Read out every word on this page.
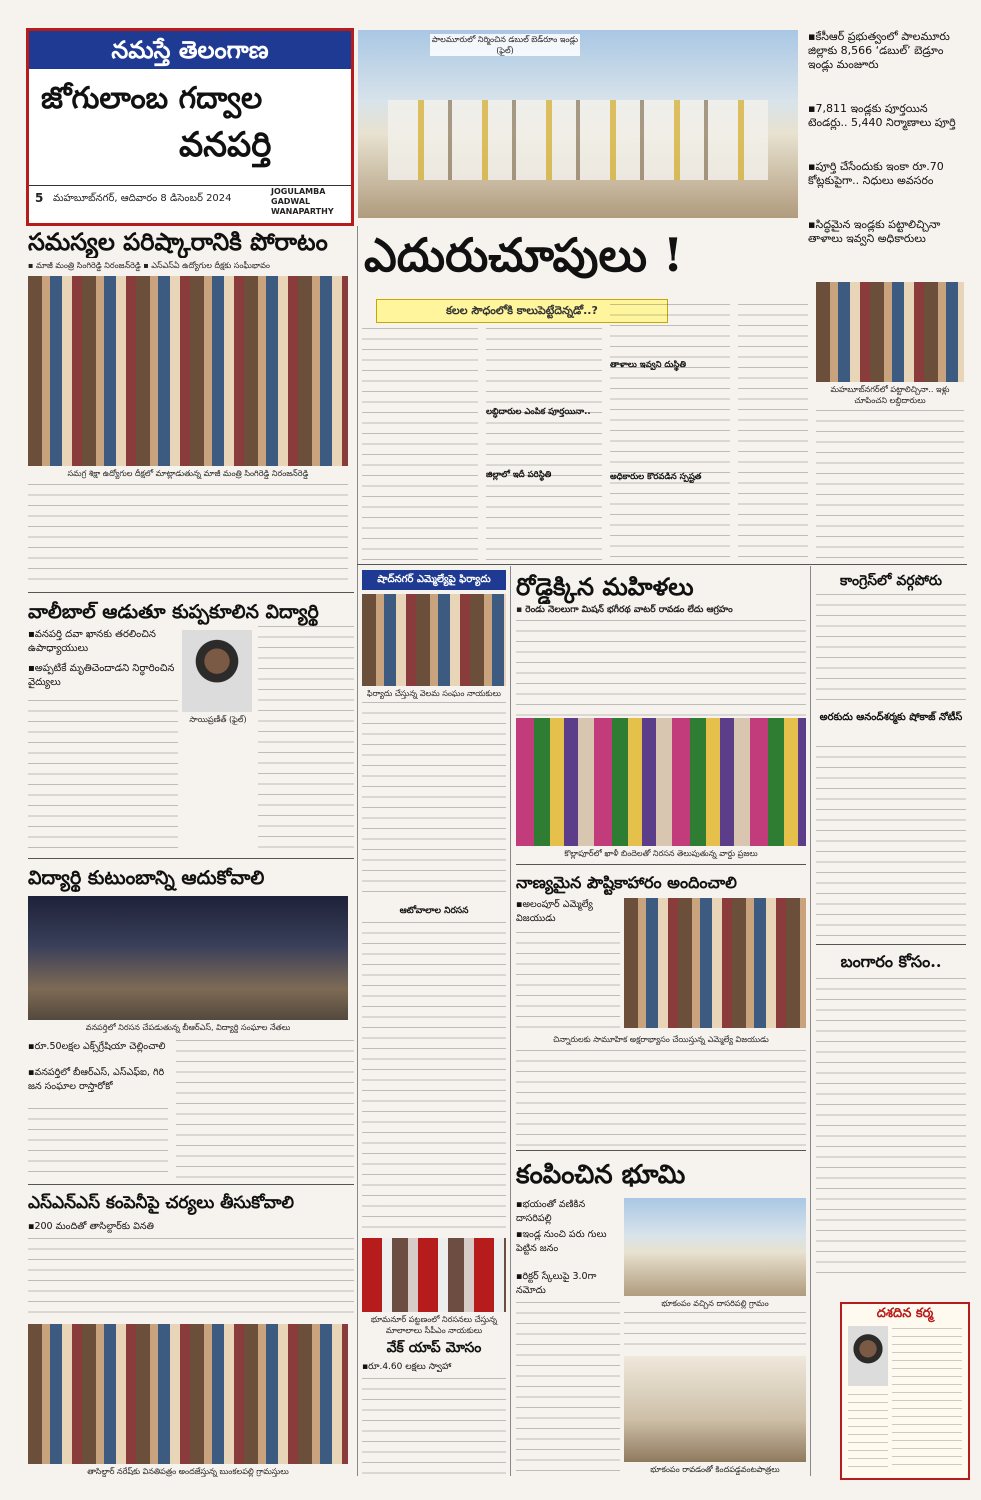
నమస్తే తెలంగాణ
జోగులాంబ గద్వాల
వనపర్తి
5 మహబూబ్‌నగర్, ఆదివారం 8 డిసెంబర్ 2024
JOGULAMBA GADWAL WANAPARTHY
పాలమూరులో నిర్మించిన డబుల్ బెడ్‌రూం ఇండ్లు (ఫైల్)
▪ కేసీఆర్ ప్రభుత్వంలో పాలమూరు జిల్లాకు 8,566 ‘డబుల్’ బెడ్రూం ఇండ్లు మంజూరు
▪ 7,811 ఇండ్లకు పూర్తయిన టెండర్లు.. 5,440 నిర్మాణాలు పూర్తి
▪ పూర్తి చేసేందుకు ఇంకా రూ.70 కోట్లకుపైగా.. నిధులు అవసరం
▪ సిద్ధమైన ఇండ్లకు పట్టాలిచ్చినా తాళాలు ఇవ్వని అధికారులు
ఎదురుచూపులు !
కలల సౌధంలోకి కాలుపెట్టేదెన్నడో..?
లబ్ధిదారుల ఎంపిక పూర్తయినా..
తాళాలు ఇవ్వని దుస్థితి
జిల్లాలో ఇదీ పరిస్థితి	అధికారుల కొరవడిన స్పష్టత
మహబూబ్‌నగర్‌లో పట్టాలిచ్చినా.. ఇళ్లు చూపించని లబ్ధిదారులు
సమస్యల పరిష్కారానికి పోరాటం
▪ మాజీ మంత్రి సింగిరెడ్డి నిరంజన్‌రెడ్డి ▪ ఎస్ఎస్ఏ ఉద్యోగుల దీక్షకు సంఘీభావం
సమగ్ర శిక్షా ఉద్యోగుల దీక్షలో మాట్లాడుతున్న మాజీ మంత్రి సింగిరెడ్డి నిరంజన్‌రెడ్డి
వాలీబాల్ ఆడుతూ కుప్పకూలిన విద్యార్థి
▪ వనపర్తి దవా ఖానకు తరలించిన ఉపాధ్యాయులు
▪ అప్పటికే మృతిచెందాడని నిర్ధారించిన వైద్యులు
సాయిప్రణీత్ (ఫైల్)
విద్యార్థి కుటుంబాన్ని ఆదుకోవాలి
వనపర్తిలో నిరసన చేపడుతున్న బీఆర్ఎస్, విద్యార్థి సంఘాల నేతలు
▪ రూ.50లక్షల ఎక్స్‌గ్రేషియా చెల్లించాలి
▪ వనపర్తిలో బీఆర్ఎస్, ఎస్ఎఫ్ఐ, గిరి జన సంఘాల రాస్తారోకో
ఎస్ఎన్ఎస్ కంపెనీపై చర్యలు తీసుకోవాలి
▪ 200 మందితో తాసిల్దార్‌కు వినతి
తాసిల్దార్ నరేష్‌కు వినతిపత్రం అందజేస్తున్న బుంకలపల్లి గ్రామస్తులు
షాద్‌నగర్ ఎమ్మెల్యేపై ఫిర్యాదు
ఫిర్యాదు చేస్తున్న వెలమ సంఘం నాయకులు
ఆటోవాలాల నిరసన
భూమనూర్ పట్టణంలో నిరసనలు చేస్తున్న మాలాలాలు సీపీఎం నాయకులు
వేక్ యాప్ మోసం
▪ రూ.4.60 లక్షలు స్వాహా
రోడ్డెక్కిన మహిళలు
▪ రెండు నెలలుగా మిషన్ భగీరథ వాటర్ రావడం లేదు ఆగ్రహం
కొల్లాపూర్‌లో ఖాళీ బిందెలతో నిరసన తెలుపుతున్న వార్డు ప్రజలు
నాణ్యమైన పౌష్టికాహారం అందించాలి
▪ అలంపూర్ ఎమ్మెల్యే విజయుడు
చిన్నారులకు సామూహిక అక్షరాభ్యాసం చేయిస్తున్న ఎమ్మెల్యే విజయుడు
కంపించిన భూమి
▪ భయంతో వణికిన దాసరిపల్లి
▪ ఇండ్ల నుంచి పరు గులు పెట్టిన జనం
▪ రిక్టర్ స్కేలుపై 3.0గా నమోదు
భూకంపం వచ్చిన దాసరిపల్లి గ్రామం
భూకంపం రావడంతో కిందపడ్డవంటపాత్రలు
కాంగ్రెస్‌లో వర్గపోరు
అరకుదు ఆనంద్‌శర్మకు షోకాజ్ నోటీస్
బంగారం కోసం..
దశదిన కర్మ
